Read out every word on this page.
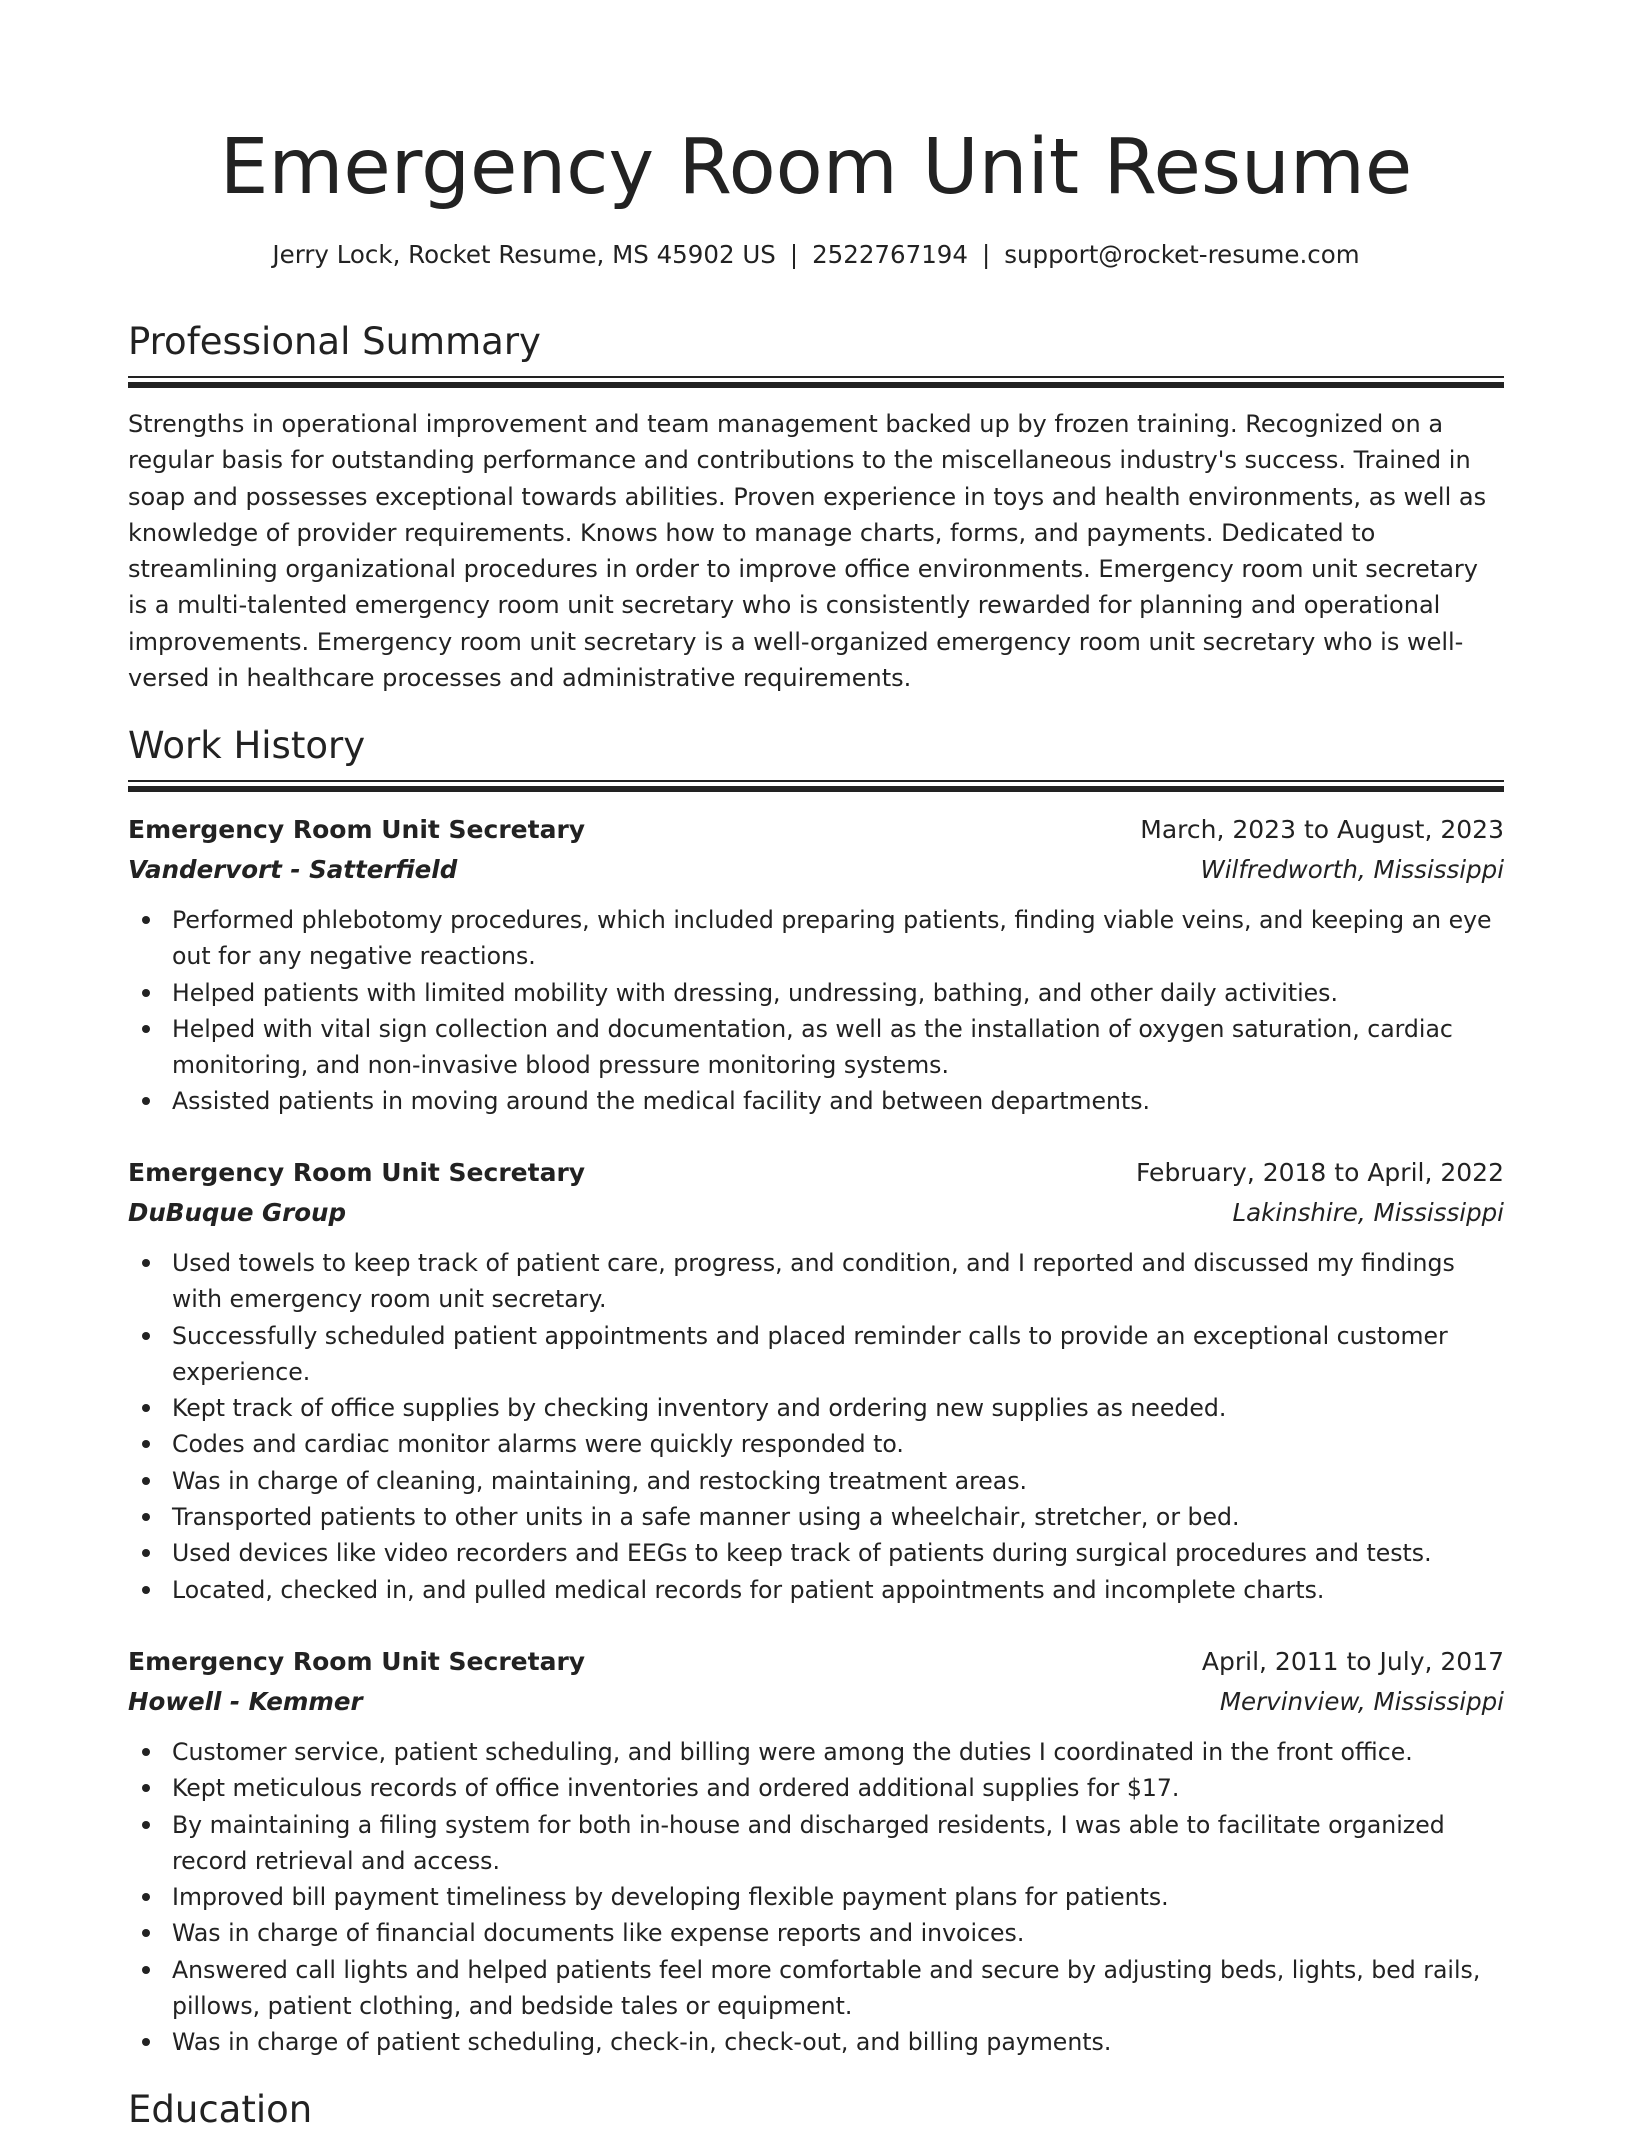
Emergency Room Unit Resume
Jerry Lock, Rocket Resume, MS 45902 US | 2522767194 | support@rocket-resume.com
Professional Summary

Strengths in operational improvement and team management backed up by frozen training. Recognized on a regular basis for outstanding performance and contributions to the miscellaneous industry's success. Trained in soap and possesses exceptional towards abilities. Proven experience in toys and health environments, as well as knowledge of provider requirements. Knows how to manage charts, forms, and payments. Dedicated to streamlining organizational procedures in order to improve office environments. Emergency room unit secretary is a multi-talented emergency room unit secretary who is consistently rewarded for planning and operational improvements. Emergency room unit secretary is a well-organized emergency room unit secretary who is well-versed in healthcare processes and administrative requirements.

Work History
Emergency Room Unit Secretary	March, 2023 to August, 2023
Vandervort - Satterfield	Wilfredworth, Mississippi
Performed phlebotomy procedures, which included preparing patients, finding viable veins, and keeping an eye out for any negative reactions.
Helped patients with limited mobility with dressing, undressing, bathing, and other daily activities.
Helped with vital sign collection and documentation, as well as the installation of oxygen saturation, cardiac monitoring, and non-invasive blood pressure monitoring systems.
Assisted patients in moving around the medical facility and between departments.
Emergency Room Unit Secretary	February, 2018 to April, 2022
DuBuque Group	Lakinshire, Mississippi
Used towels to keep track of patient care, progress, and condition, and I reported and discussed my findings with emergency room unit secretary.
Successfully scheduled patient appointments and placed reminder calls to provide an exceptional customer experience.
Kept track of office supplies by checking inventory and ordering new supplies as needed.
Codes and cardiac monitor alarms were quickly responded to.
Was in charge of cleaning, maintaining, and restocking treatment areas.
Transported patients to other units in a safe manner using a wheelchair, stretcher, or bed.
Used devices like video recorders and EEGs to keep track of patients during surgical procedures and tests.
Located, checked in, and pulled medical records for patient appointments and incomplete charts.
Emergency Room Unit Secretary	April, 2011 to July, 2017
Howell - Kemmer	Mervinview, Mississippi
Customer service, patient scheduling, and billing were among the duties I coordinated in the front office.
Kept meticulous records of office inventories and ordered additional supplies for $17.
By maintaining a filing system for both in-house and discharged residents, I was able to facilitate organized record retrieval and access.
Improved bill payment timeliness by developing flexible payment plans for patients.
Was in charge of financial documents like expense reports and invoices.
Answered call lights and helped patients feel more comfortable and secure by adjusting beds, lights, bed rails, pillows, patient clothing, and bedside tales or equipment.
Was in charge of patient scheduling, check-in, check-out, and billing payments.
Education
